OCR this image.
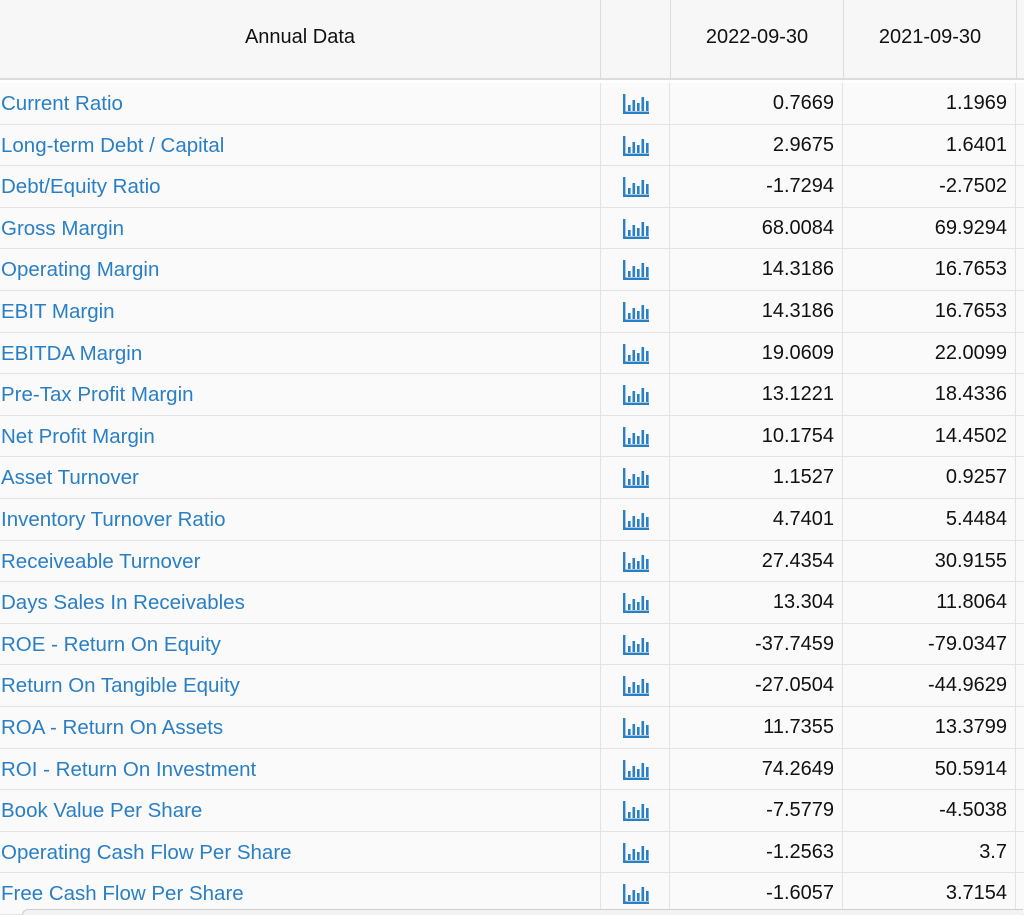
Annual Data	2022-09-30	2021-09-30
Current Ratio	0.7669	1.1969
Long-term Debt / Capital	2.9675	1.6401
Debt/Equity Ratio	-1.7294	-2.7502
Gross Margin	68.0084	69.9294
Operating Margin	14.3186	16.7653
EBIT Margin	14.3186	16.7653
EBITDA Margin	19.0609	22.0099
Pre-Tax Profit Margin	13.1221	18.4336
Net Profit Margin	10.1754	14.4502
Asset Turnover	1.1527	0.9257
Inventory Turnover Ratio	4.7401	5.4484
Receiveable Turnover	27.4354	30.9155
Days Sales In Receivables	13.304	11.8064
ROE - Return On Equity	-37.7459	-79.0347
Return On Tangible Equity	-27.0504	-44.9629
ROA - Return On Assets	11.7355	13.3799
ROI - Return On Investment	74.2649	50.5914
Book Value Per Share	-7.5779	-4.5038
Operating Cash Flow Per Share	-1.2563	3.7
Free Cash Flow Per Share	-1.6057	3.7154
